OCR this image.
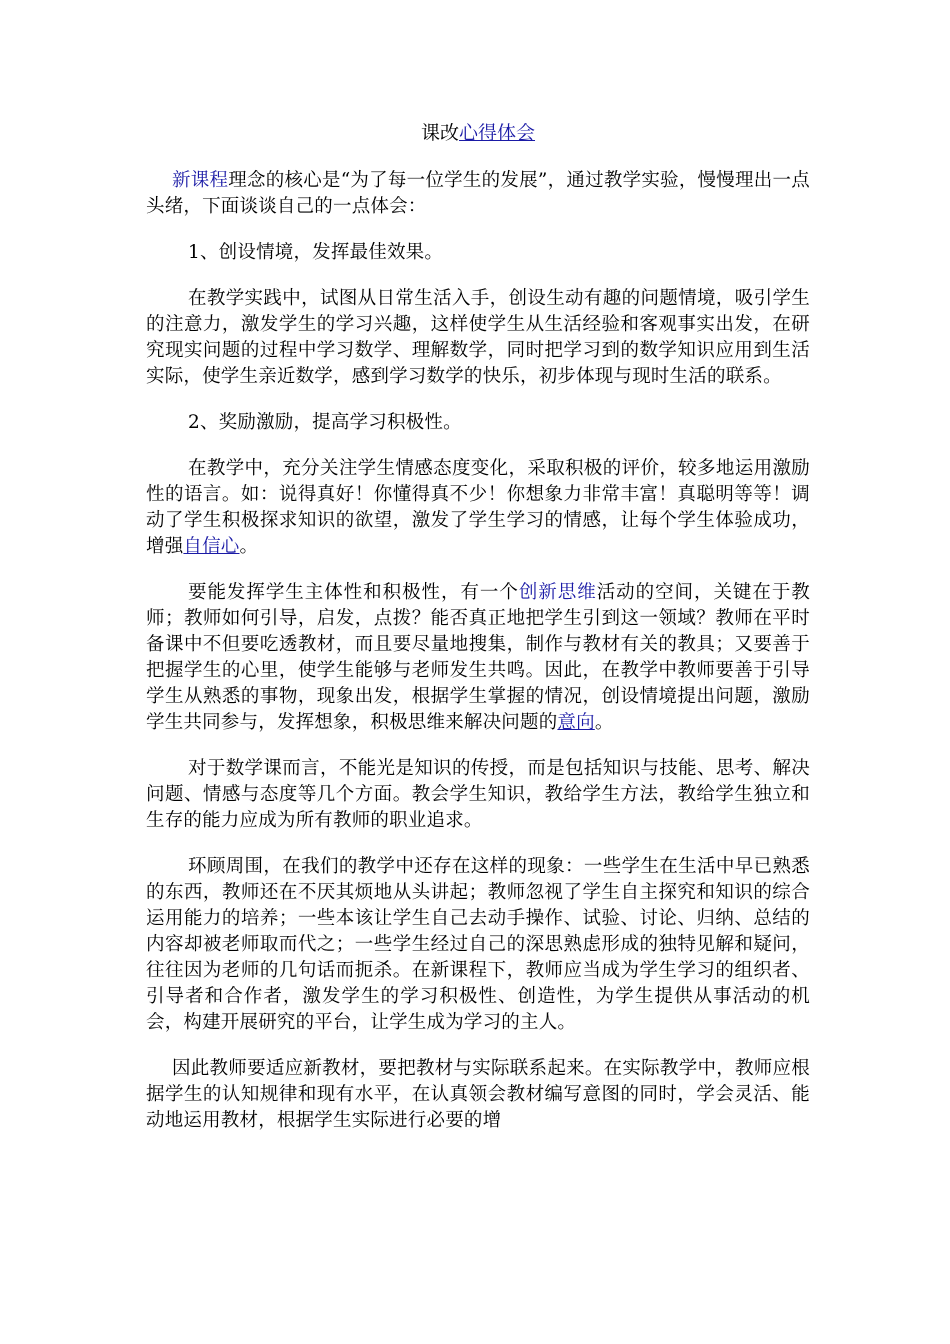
课改心得体会

新课程理念的核心是“为了每一位学生的发展”，通过教学实验，慢慢理出一点头绪，下面谈谈自己的一点体会：

1、创设情境，发挥最佳效果。

在教学实践中，试图从日常生活入手，创设生动有趣的问题情境，吸引学生的注意力，激发学生的学习兴趣，这样使学生从生活经验和客观事实出发，在研究现实问题的过程中学习数学、理解数学，同时把学习到的数学知识应用到生活实际，使学生亲近数学，感到学习数学的快乐，初步体现与现时生活的联系。

2、奖励激励，提高学习积极性。

在教学中，充分关注学生情感态度变化，采取积极的评价，较多地运用激励性的语言。如：说得真好！你懂得真不少！你想象力非常丰富！真聪明等等！调动了学生积极探求知识的欲望，激发了学生学习的情感，让每个学生体验成功，增强自信心。

要能发挥学生主体性和积极性，有一个创新思维活动的空间，关键在于教师；教师如何引导，启发，点拨？能否真正地把学生引到这一领域？教师在平时备课中不但要吃透教材，而且要尽量地搜集，制作与教材有关的教具；又要善于把握学生的心里，使学生能够与老师发生共鸣。因此，在教学中教师要善于引导学生从熟悉的事物，现象出发，根据学生掌握的情况，创设情境提出问题，激励学生共同参与，发挥想象，积极思维来解决问题的意向。

对于数学课而言，不能光是知识的传授，而是包括知识与技能、思考、解决问题、情感与态度等几个方面。教会学生知识，教给学生方法，教给学生独立和生存的能力应成为所有教师的职业追求。

环顾周围，在我们的教学中还存在这样的现象：一些学生在生活中早已熟悉的东西，教师还在不厌其烦地从头讲起；教师忽视了学生自主探究和知识的综合运用能力的培养；一些本该让学生自己去动手操作、试验、讨论、归纳、总结的内容却被老师取而代之；一些学生经过自己的深思熟虑形成的独特见解和疑问，往往因为老师的几句话而扼杀。在新课程下，教师应当成为学生学习的组织者、引导者和合作者，激发学生的学习积极性、创造性，为学生提供从事活动的机会，构建开展研究的平台，让学生成为学习的主人。

因此教师要适应新教材，要把教材与实际联系起来。在实际教学中，教师应根据学生的认知规律和现有水平，在认真领会教材编写意图的同时，学会灵活、能动地运用教材，根据学生实际进行必要的增
